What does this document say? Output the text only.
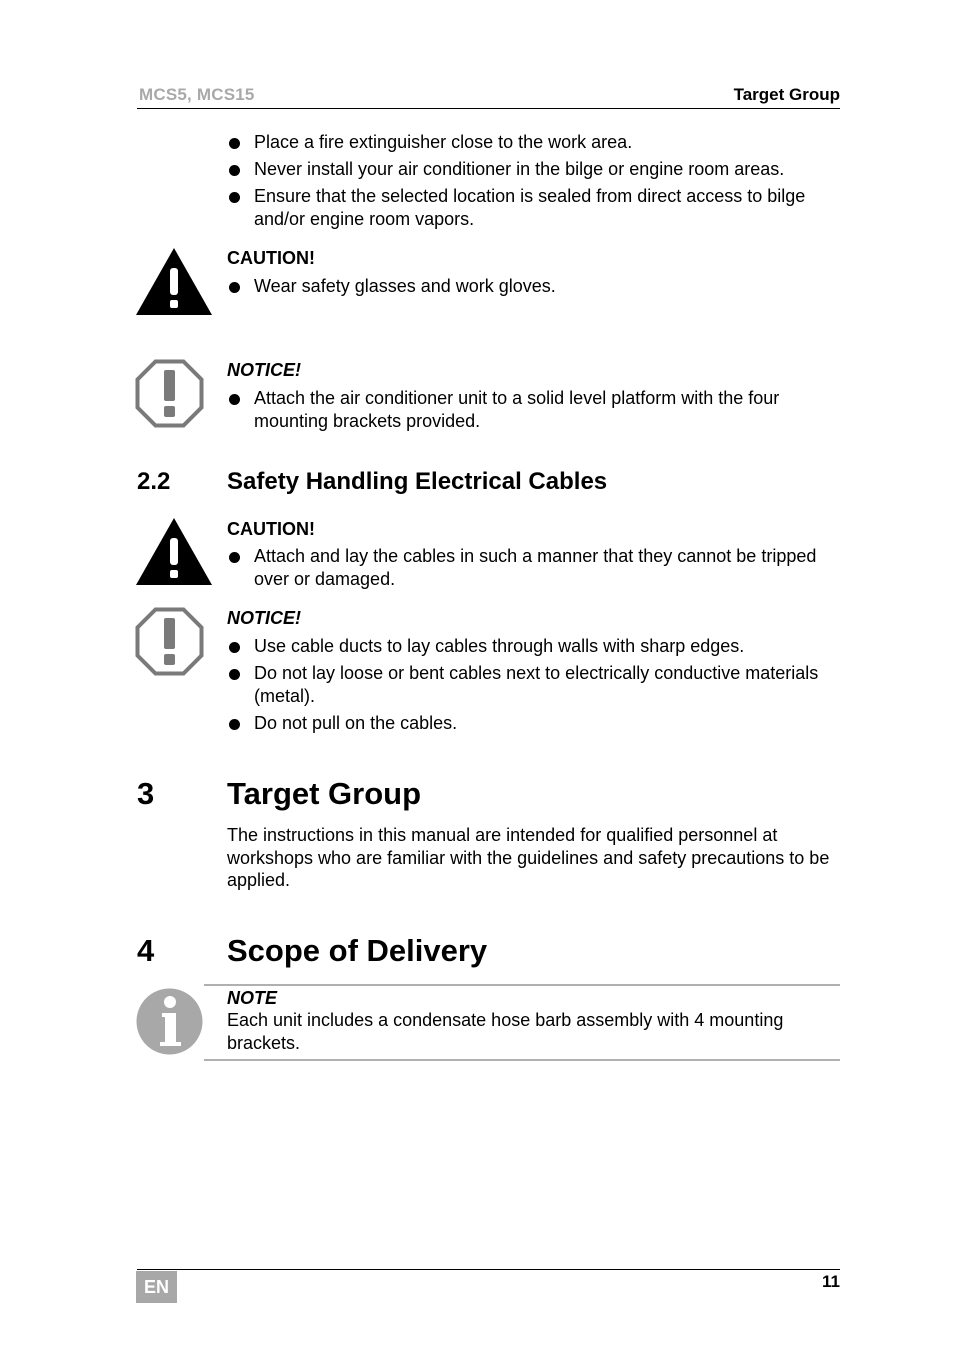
MCS5, MCS15	Target Group
Place a fire extinguisher close to the work area.
Never install your air conditioner in the bilge or engine room areas.
Ensure that the selected location is sealed from direct access to bilge and/or engine room vapors.
CAUTION!
Wear safety glasses and work gloves.
NOTICE!
Attach the air conditioner unit to a solid level platform with the four mounting brackets provided.
2.2 Safety Handling Electrical Cables
CAUTION!
Attach and lay the cables in such a manner that they cannot be tripped over or damaged.
NOTICE!
Use cable ducts to lay cables through walls with sharp edges.
Do not lay loose or bent cables next to electrically conductive materials (metal).
Do not pull on the cables.
3 Target Group
The instructions in this manual are intended for qualified personnel at workshops who are familiar with the guidelines and safety precautions to be applied.
4 Scope of Delivery
NOTE
Each unit includes a condensate hose barb assembly with 4 mounting brackets.
EN	11
